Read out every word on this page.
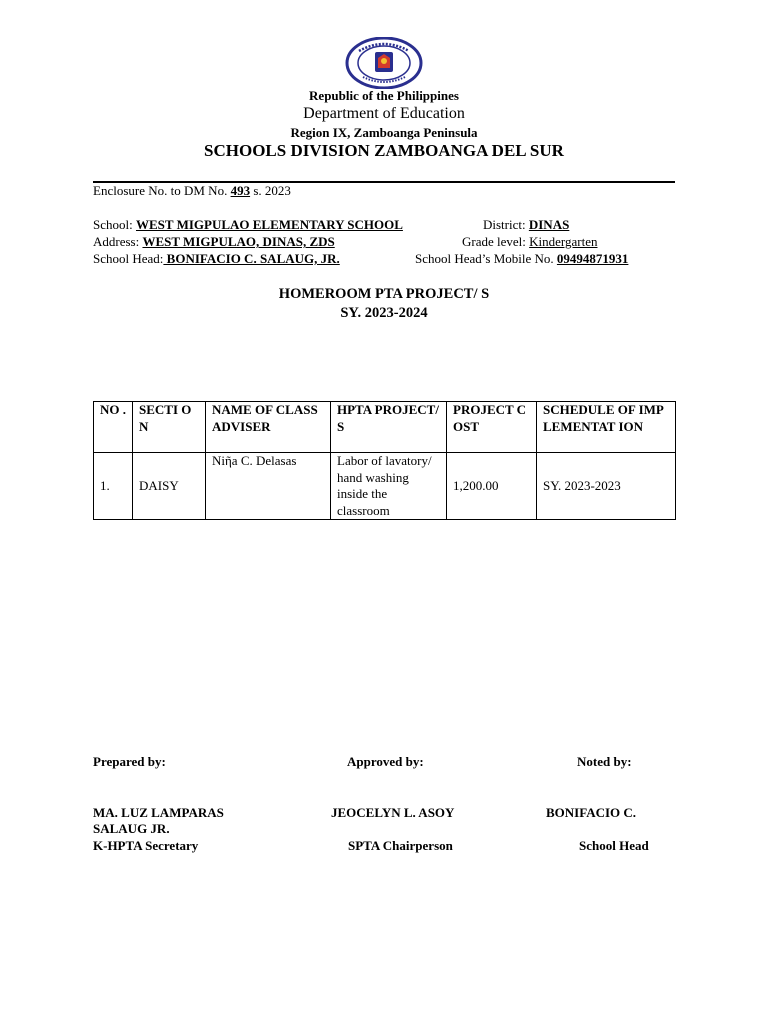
Republic of the Philippines
Department of Education
Region IX, Zamboanga Peninsula
SCHOOLS DIVISION ZAMBOANGA DEL SUR
Enclosure No. to DM No. 493 s. 2023
School: WEST MIGPULAO ELEMENTARY SCHOOL	District: DINAS
Address: WEST MIGPULAO, DINAS, ZDS	Grade level: Kindergarten
School Head: BONIFACIO C. SALAUG, JR.	School Head’s Mobile No. 09494871931
HOMEROOM PTA PROJECT/ S
SY. 2023-2024
NO .	SECTI ON	NAME OF CLASS ADVISER	HPTA PROJECT/S	PROJECT COST	SCHEDULE OF IMPLEMENTAT ION
1.	DAISY	Niῆa C. Delasas	Labor of lavatory/ hand washing inside the classroom	1,200.00	SY. 2023-2023
Prepared by:	Approved by:	Noted by:
MA. LUZ LAMPARAS	JEOCELYN L. ASOY	BONIFACIO C.
SALAUG JR.
K-HPTA Secretary	SPTA Chairperson	School Head
